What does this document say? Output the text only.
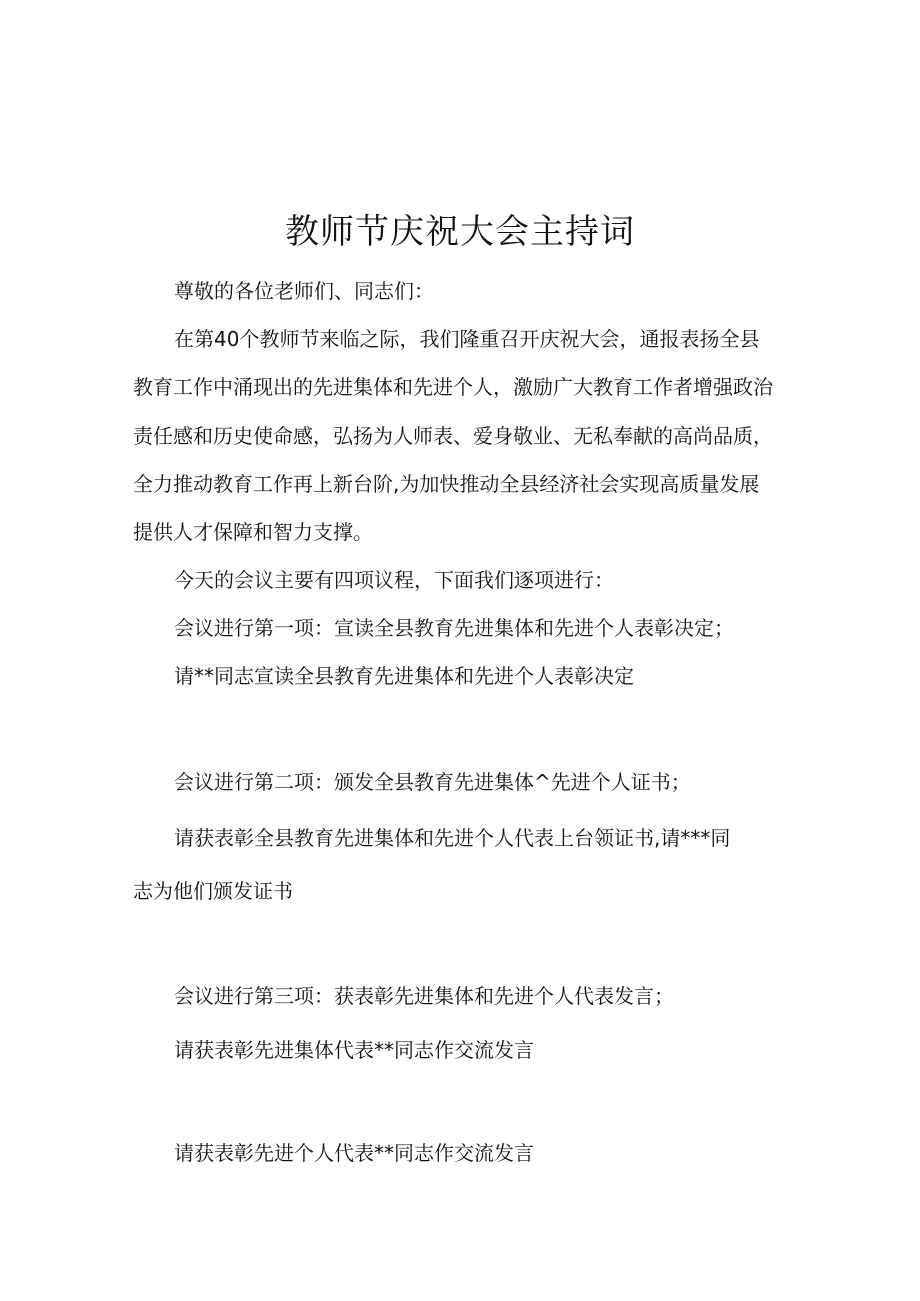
教师节庆祝大会主持词
尊敬的各位老师们、同志们：
在第40个教师节来临之际，我们隆重召开庆祝大会，通报表扬全县
教育工作中涌现出的先进集体和先进个人，激励广大教育工作者增强政治
责任感和历史使命感，弘扬为人师表、爱身敬业、无私奉献的高尚品质，
全力推动教育工作再上新台阶,为加快推动全县经济社会实现高质量发展
提供人才保障和智力支撑。
今天的会议主要有四项议程，下面我们逐项进行：
会议进行第一项：宣读全县教育先进集体和先进个人表彰决定；
请**同志宣读全县教育先进集体和先进个人表彰决定
会议进行第二项：颁发全县教育先进集体^先进个人证书；
请获表彰全县教育先进集体和先进个人代表上台领证书,请***同
志为他们颁发证书
会议进行第三项：获表彰先进集体和先进个人代表发言；
请获表彰先进集体代表**同志作交流发言
请获表彰先进个人代表**同志作交流发言
